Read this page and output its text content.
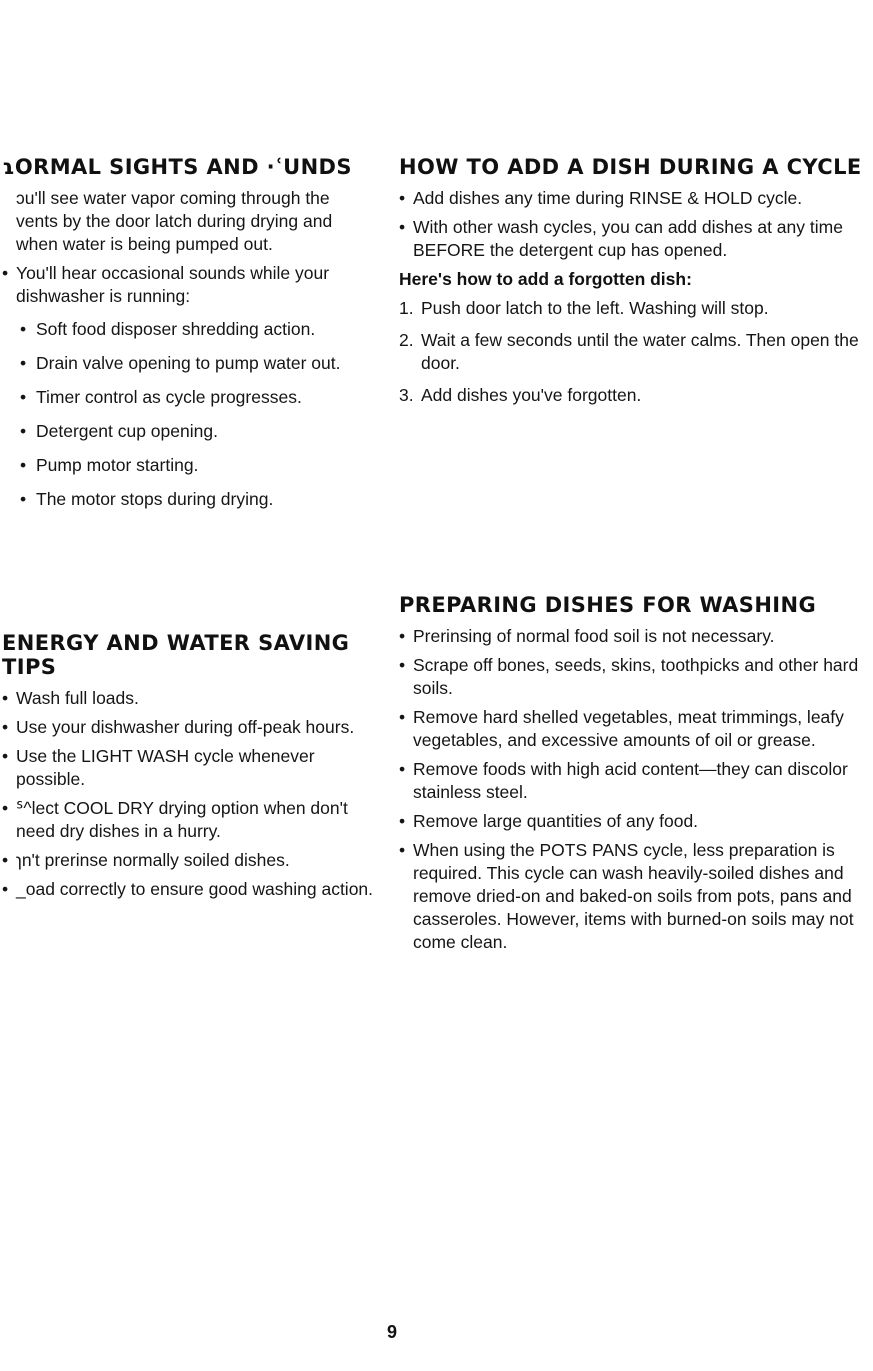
ɿORMAL SIGHTS AND ·ʿUNDS

ɔu'll see water vapor coming through the vents by the door latch during drying and when water is being pumped out.

• You'll hear occasional sounds while your dishwasher is running:
• Soft food disposer shredding action.
• Drain valve opening to pump water out.
• Timer control as cycle progresses.
• Detergent cup opening.
• Pump motor starting.
• The motor stops during drying.
ENERGY AND WATER SAVING TIPS
• Wash full loads.
• Use your dishwasher during off-peak hours.
• Use the LIGHT WASH cycle whenever possible.
• ᔆ^lect COOL DRY drying option when don't need dry dishes in a hurry.
• ɿn't prerinse normally soiled dishes.
• _oad correctly to ensure good washing action.
HOW TO ADD A DISH DURING A CYCLE
• Add dishes any time during RINSE & HOLD cycle.
• With other wash cycles, you can add dishes at any time BEFORE the detergent cup has opened.

Here's how to add a forgotten dish:

1. Push door latch to the left. Washing will stop.
2. Wait a few seconds until the water calms. Then open the door.
3. Add dishes you've forgotten.
PREPARING DISHES FOR WASHING
• Prerinsing of normal food soil is not necessary.
• Scrape off bones, seeds, skins, toothpicks and other hard soils.
• Remove hard shelled vegetables, meat trimmings, leafy vegetables, and excessive amounts of oil or grease.
• Remove foods with high acid content—they can discolor stainless steel.
• Remove large quantities of any food.
• When using the POTS PANS cycle, less preparation is required. This cycle can wash heavily-soiled dishes and remove dried-on and baked-on soils from pots, pans and casseroles. However, items with burned-on soils may not come clean.
9
